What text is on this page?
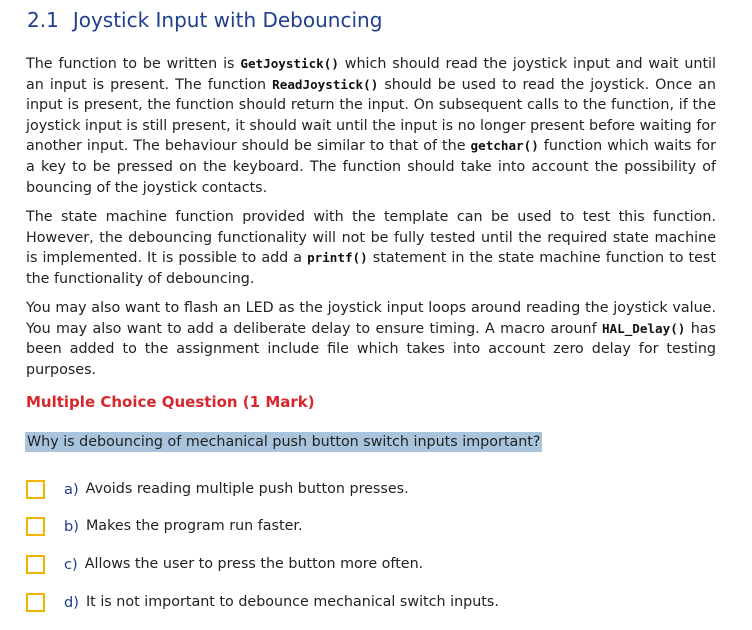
2.1 Joystick Input with Debouncing

The function to be written is GetJoystick() which should read the joystick input and wait until an input is present. The function ReadJoystick() should be used to read the joystick. Once an input is present, the function should return the input. On subsequent calls to the function, if the joystick input is still present, it should wait until the input is no longer present before waiting for another input. The behaviour should be similar to that of the getchar() function which waits for a key to be pressed on the keyboard. The function should take into account the possibility of bouncing of the joystick contacts.

The state machine function provided with the template can be used to test this function. However, the debouncing functionality will not be fully tested until the required state machine is implemented. It is possible to add a printf() statement in the state machine function to test the functionality of debouncing.

You may also want to flash an LED as the joystick input loops around reading the joystick value. You may also want to add a deliberate delay to ensure timing. A macro arounf HAL_Delay() has been added to the assignment include file which takes into account zero delay for testing purposes.

Multiple Choice Question (1 Mark)

Why is debouncing of mechanical push button switch inputs important?

a) Avoids reading multiple push button presses.
b) Makes the program run faster.
c) Allows the user to press the button more often.
d) It is not important to debounce mechanical switch inputs.
